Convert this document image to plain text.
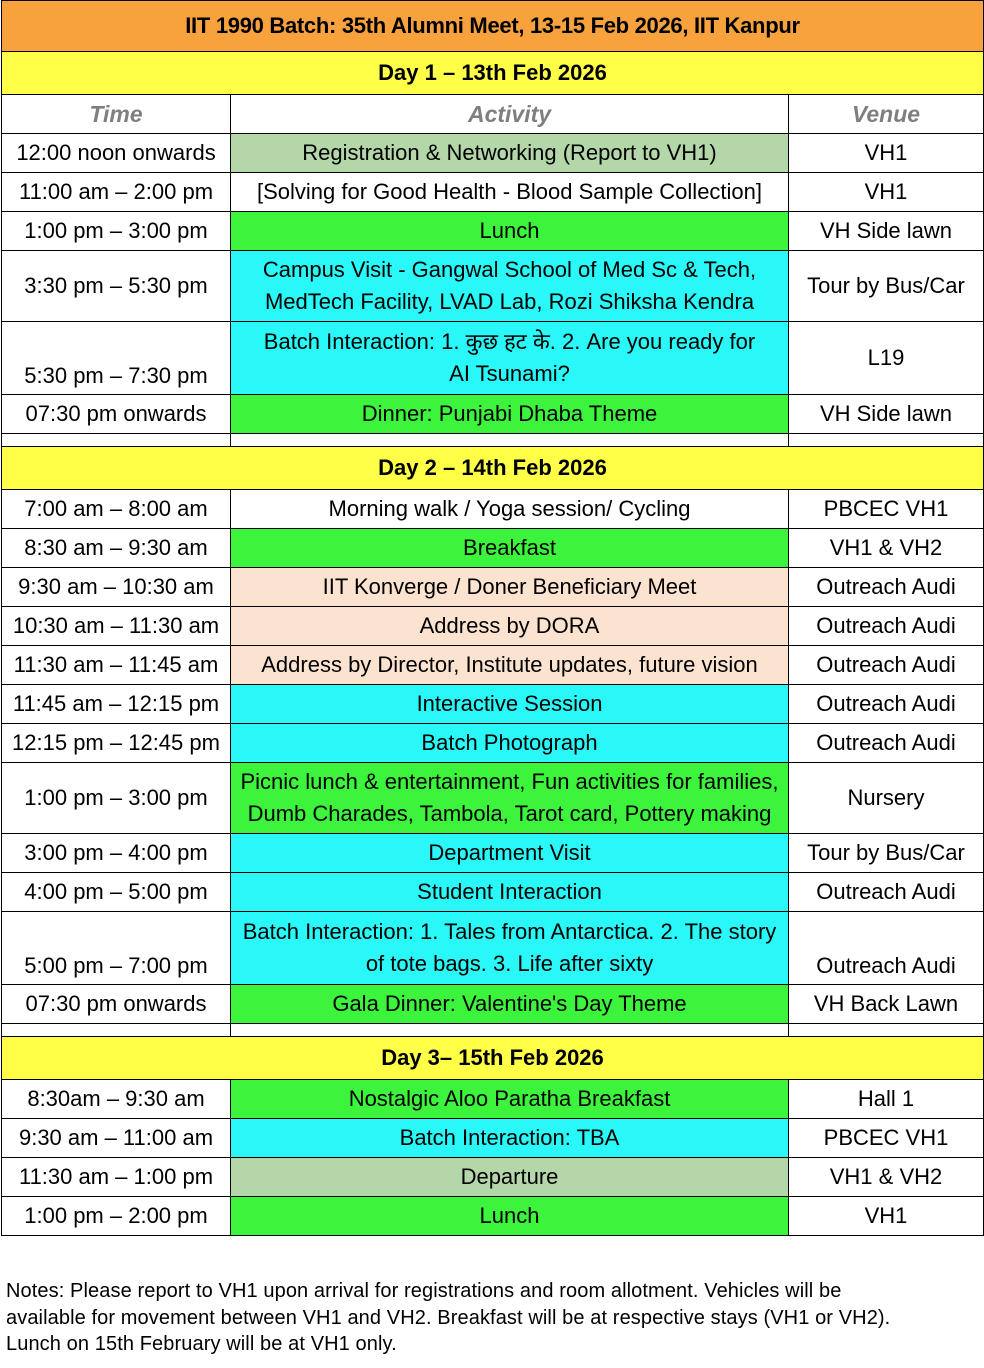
IIT 1990 Batch: 35th Alumni Meet, 13-15 Feb 2026, IIT Kanpur		
Day 1 – 13th Feb 2026		
Time	Activity	Venue
12:00 noon onwards	Registration & Networking (Report to VH1)	VH1
11:00 am – 2:00 pm	[Solving for Good Health - Blood Sample Collection]	VH1
1:00 pm – 3:00 pm	Lunch	VH Side lawn
3:30 pm – 5:30 pm	Campus Visit - Gangwal School of Med Sc & Tech,
MedTech Facility, LVAD Lab, Rozi Shiksha Kendra	Tour by Bus/Car
5:30 pm – 7:30 pm	Batch Interaction: 1. कुछ हट के. 2. Are you ready for
AI Tsunami?	L19
07:30 pm onwards	Dinner: Punjabi Dhaba Theme	VH Side lawn

Day 2 – 14th Feb 2026		
7:00 am – 8:00 am	Morning walk / Yoga session/ Cycling	PBCEC VH1
8:30 am – 9:30 am	Breakfast	VH1 & VH2
9:30 am – 10:30 am	IIT Konverge / Doner Beneficiary Meet	Outreach Audi
10:30 am – 11:30 am	Address by DORA	Outreach Audi
11:30 am – 11:45 am	Address by Director, Institute updates, future vision	Outreach Audi
11:45 am – 12:15 pm	Interactive Session	Outreach Audi
12:15 pm – 12:45 pm	Batch Photograph	Outreach Audi
1:00 pm – 3:00 pm	Picnic lunch & entertainment, Fun activities for families,
Dumb Charades, Tambola, Tarot card, Pottery making	Nursery
3:00 pm – 4:00 pm	Department Visit	Tour by Bus/Car
4:00 pm – 5:00 pm	Student Interaction	Outreach Audi
5:00 pm – 7:00 pm	Batch Interaction: 1. Tales from Antarctica. 2. The story
of tote bags. 3. Life after sixty	Outreach Audi
07:30 pm onwards	Gala Dinner: Valentine's Day Theme	VH Back Lawn

Day 3– 15th Feb 2026		
8:30am – 9:30 am	Nostalgic Aloo Paratha Breakfast	Hall 1
9:30 am – 11:00 am	Batch Interaction: TBA	PBCEC VH1
11:30 am – 1:00 pm	Departure	VH1 & VH2
1:00 pm – 2:00 pm	Lunch	VH1
Notes: Please report to VH1 upon arrival for registrations and room allotment. Vehicles will be
available for movement between VH1 and VH2. Breakfast will be at respective stays (VH1 or VH2).
Lunch on 15th February will be at VH1 only.
